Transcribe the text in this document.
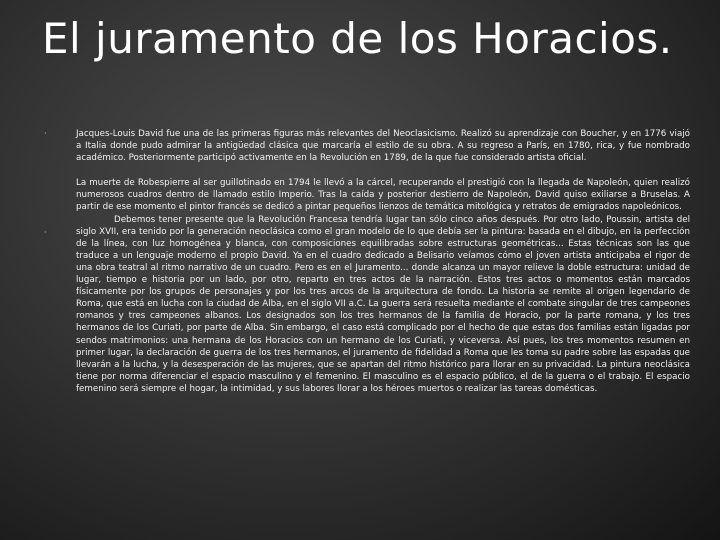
El juramento de los Horacios.
·	Jacques-Louis David fue una de las primeras figuras más relevantes del Neoclasicismo. Realizó su aprendizaje con Boucher, y en 1776 viajó a Italia donde pudo admirar la antigüedad clásica que marcaría el estilo de su obra. A su regreso a París, en 1780, rica, y fue nombrado académico. Posteriormente participó activamente en la Revolución en 1789, de la que fue considerado artista oficial.
·
La muerte de Robespierre al ser guillotinado en 1794 le llevó a la cárcel, recuperando el prestigió con la llegada de Napoleón, quien realizó numerosos cuadros dentro de llamado estilo Imperio. Tras la caída y posterior destierro de Napoleón, David quiso exiliarse a Bruselas. A partir de ese momento el pintor francés se dedicó a pintar pequeños lienzos de temática mitológica y retratos de emigrados napoleónicos.
Debemos tener presente que la Revolución Francesa tendría lugar tan sólo cinco años después. Por otro lado, Poussin, artista del siglo XVII, era tenido por la generación neoclásica como el gran modelo de lo que debía ser la pintura: basada en el dibujo, en la perfección de la línea, con luz homogénea y blanca, con composiciones equilibradas sobre estructuras geométricas... Estas técnicas son las que traduce a un lenguaje moderno el propio David. Ya en el cuadro dedicado a Belisario veíamos cómo el joven artista anticipaba el rigor de una obra teatral al ritmo narrativo de un cuadro. Pero es en el Juramento... donde alcanza un mayor relieve la doble estructura: unidad de lugar, tiempo e historia por un lado, por otro, reparto en tres actos de la narración. Estos tres actos o momentos están marcados físicamente por los grupos de personajes y por los tres arcos de la arquitectura de fondo. La historia se remite al origen legendario de Roma, que está en lucha con la ciudad de Alba, en el siglo VII a.C. La guerra será resuelta mediante el combate singular de tres campeones romanos y tres campeones albanos. Los designados son los tres hermanos de la familia de Horacio, por la parte romana, y los tres hermanos de los Curiati, por parte de Alba. Sin embargo, el caso está complicado por el hecho de que estas dos familias están ligadas por sendos matrimonios: una hermana de los Horacios con un hermano de los Curiati, y viceversa. Así pues, los tres momentos resumen en primer lugar, la declaración de guerra de los tres hermanos, el juramento de fidelidad a Roma que les toma su padre sobre las espadas que llevarán a la lucha, y la desesperación de las mujeres, que se apartan del ritmo histórico para llorar en su privacidad. La pintura neoclásica tiene por norma diferenciar el espacio masculino y el femenino. El masculino es el espacio público, el de la guerra o el trabajo. El espacio femenino será siempre el hogar, la intimidad, y sus labores llorar a los héroes muertos o realizar las tareas domésticas.
